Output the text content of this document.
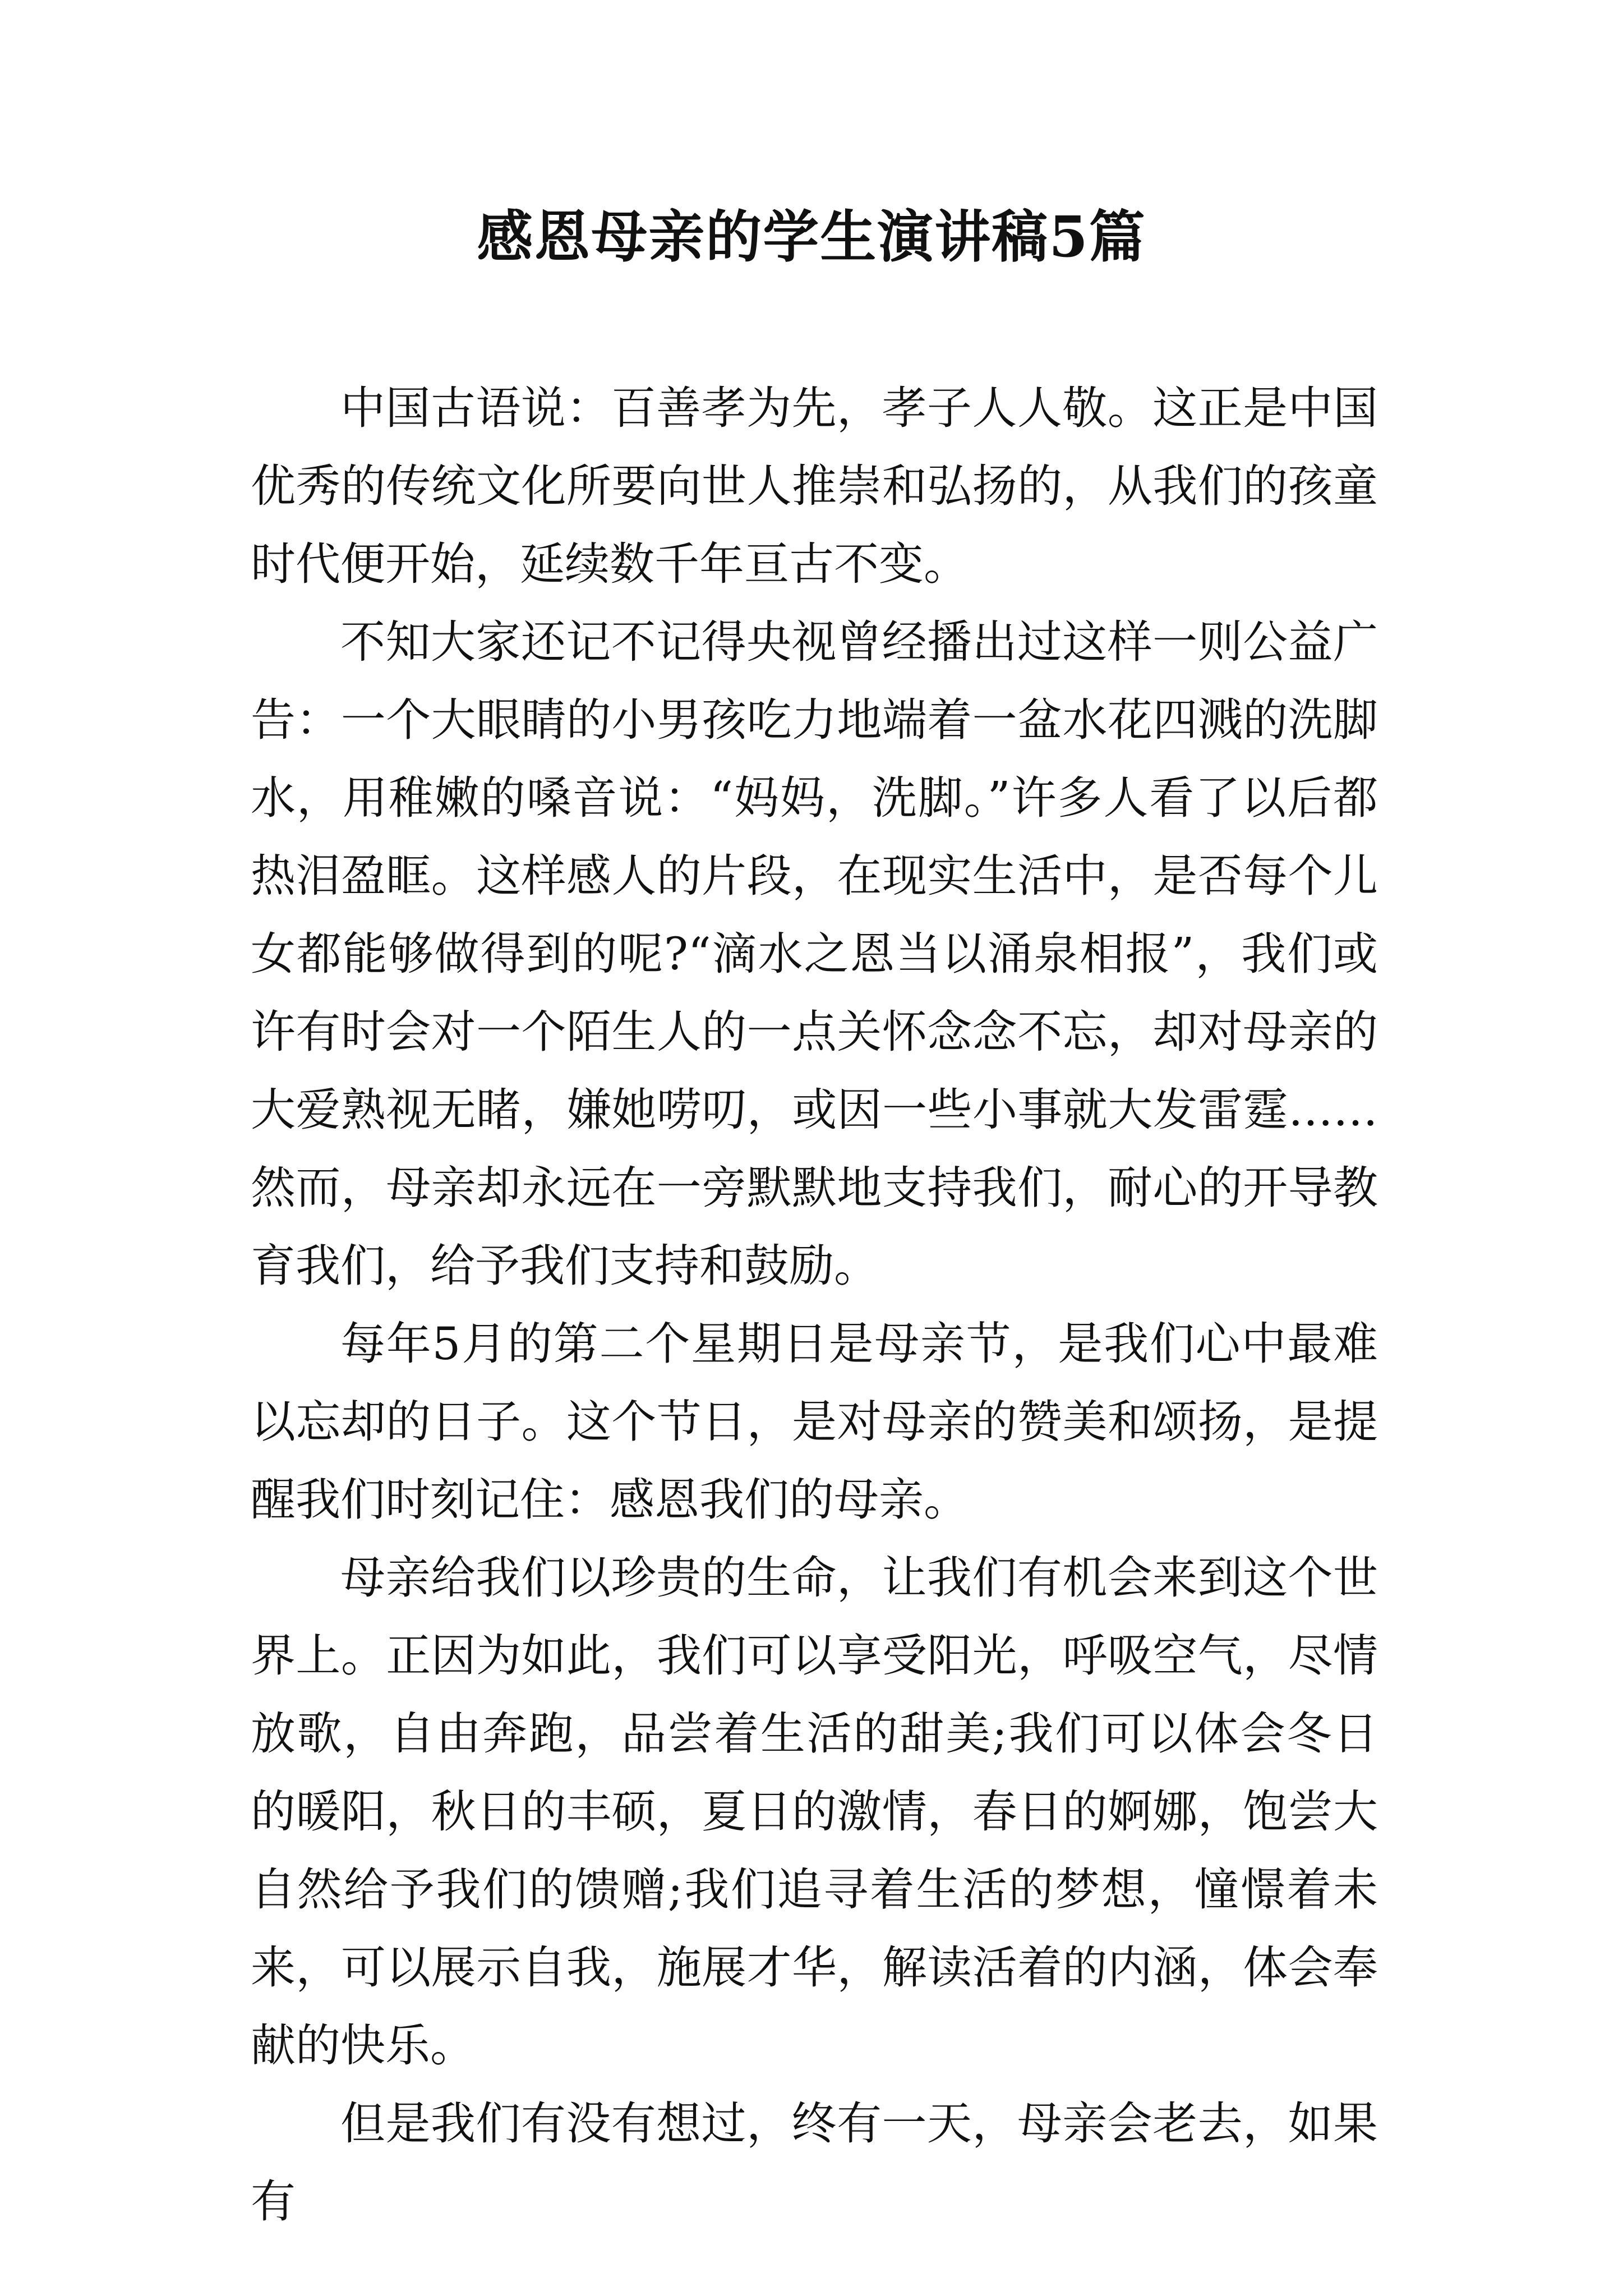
感恩母亲的学生演讲稿5篇

中国古语说：百善孝为先，孝子人人敬。这正是中国优秀的传统文化所要向世人推崇和弘扬的，从我们的孩童时代便开始，延续数千年亘古不变。

不知大家还记不记得央视曾经播出过这样一则公益广告：一个大眼睛的小男孩吃力地端着一盆水花四溅的洗脚水，用稚嫩的嗓音说：“妈妈，洗脚。”许多人看了以后都热泪盈眶。这样感人的片段，在现实生活中，是否每个儿女都能够做得到的呢?“滴水之恩当以涌泉相报”，我们或许有时会对一个陌生人的一点关怀念念不忘，却对母亲的大爱熟视无睹，嫌她唠叨，或因一些小事就大发雷霆……然而，母亲却永远在一旁默默地支持我们，耐心的开导教育我们，给予我们支持和鼓励。

每年5月的第二个星期日是母亲节，是我们心中最难以忘却的日子。这个节日，是对母亲的赞美和颂扬，是提醒我们时刻记住：感恩我们的母亲。

母亲给我们以珍贵的生命，让我们有机会来到这个世界上。正因为如此，我们可以享受阳光，呼吸空气，尽情放歌，自由奔跑，品尝着生活的甜美;我们可以体会冬日的暖阳，秋日的丰硕，夏日的激情，春日的婀娜，饱尝大自然给予我们的馈赠;我们追寻着生活的梦想，憧憬着未来，可以展示自我，施展才华，解读活着的内涵，体会奉献的快乐。

但是我们有没有想过，终有一天，母亲会老去，如果有
